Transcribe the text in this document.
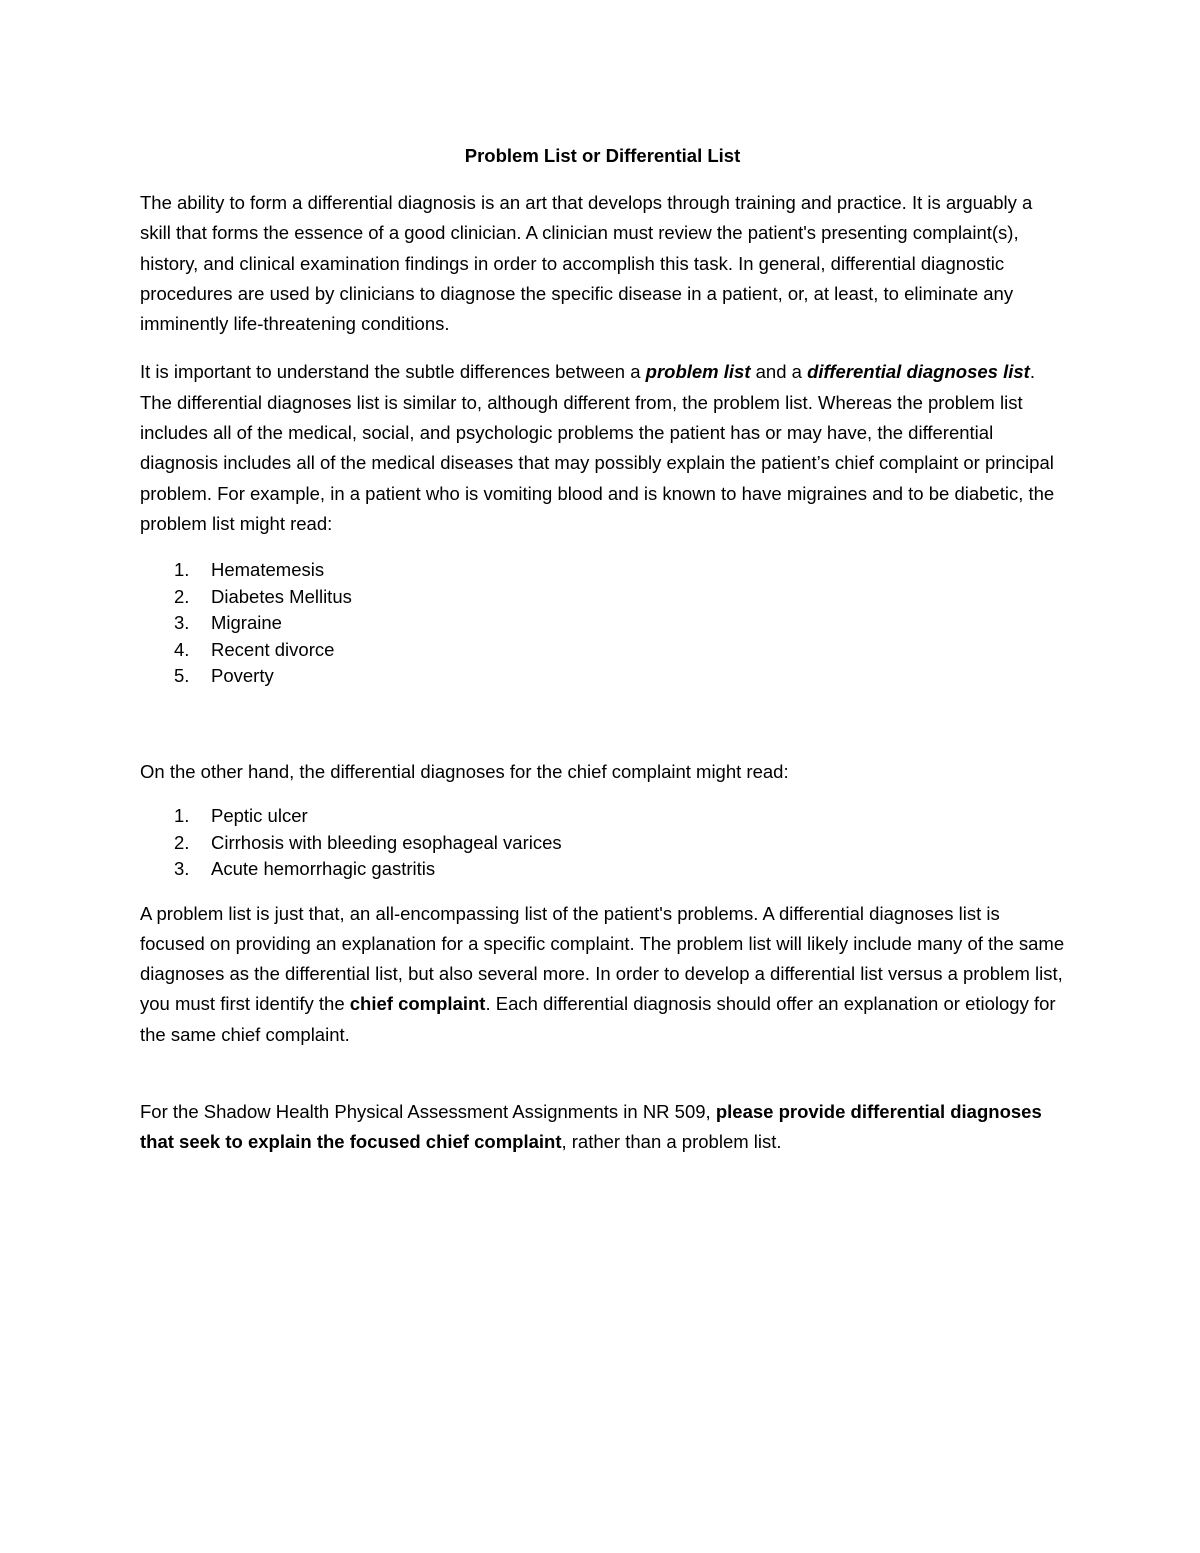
Problem List or Differential List

The ability to form a differential diagnosis is an art that develops through training and practice. It is arguably a skill that forms the essence of a good clinician. A clinician must review the patient's presenting complaint(s), history, and clinical examination findings in order to accomplish this task. In general, differential diagnostic procedures are used by clinicians to diagnose the specific disease in a patient, or, at least, to eliminate any imminently life-threatening conditions.

It is important to understand the subtle differences between a problem list and a differential diagnoses list. The differential diagnoses list is similar to, although different from, the problem list. Whereas the problem list includes all of the medical, social, and psychologic problems the patient has or may have, the differential diagnosis includes all of the medical diseases that may possibly explain the patient’s chief complaint or principal problem. For example, in a patient who is vomiting blood and is known to have migraines and to be diabetic, the problem list might read:

1. Hematemesis
2. Diabetes Mellitus
3. Migraine
4. Recent divorce
5. Poverty

On the other hand, the differential diagnoses for the chief complaint might read:

1. Peptic ulcer
2. Cirrhosis with bleeding esophageal varices
3. Acute hemorrhagic gastritis

A problem list is just that, an all-encompassing list of the patient's problems. A differential diagnoses list is focused on providing an explanation for a specific complaint. The problem list will likely include many of the same diagnoses as the differential list, but also several more. In order to develop a differential list versus a problem list, you must first identify the chief complaint. Each differential diagnosis should offer an explanation or etiology for the same chief complaint.

For the Shadow Health Physical Assessment Assignments in NR 509, please provide differential diagnoses that seek to explain the focused chief complaint, rather than a problem list.
